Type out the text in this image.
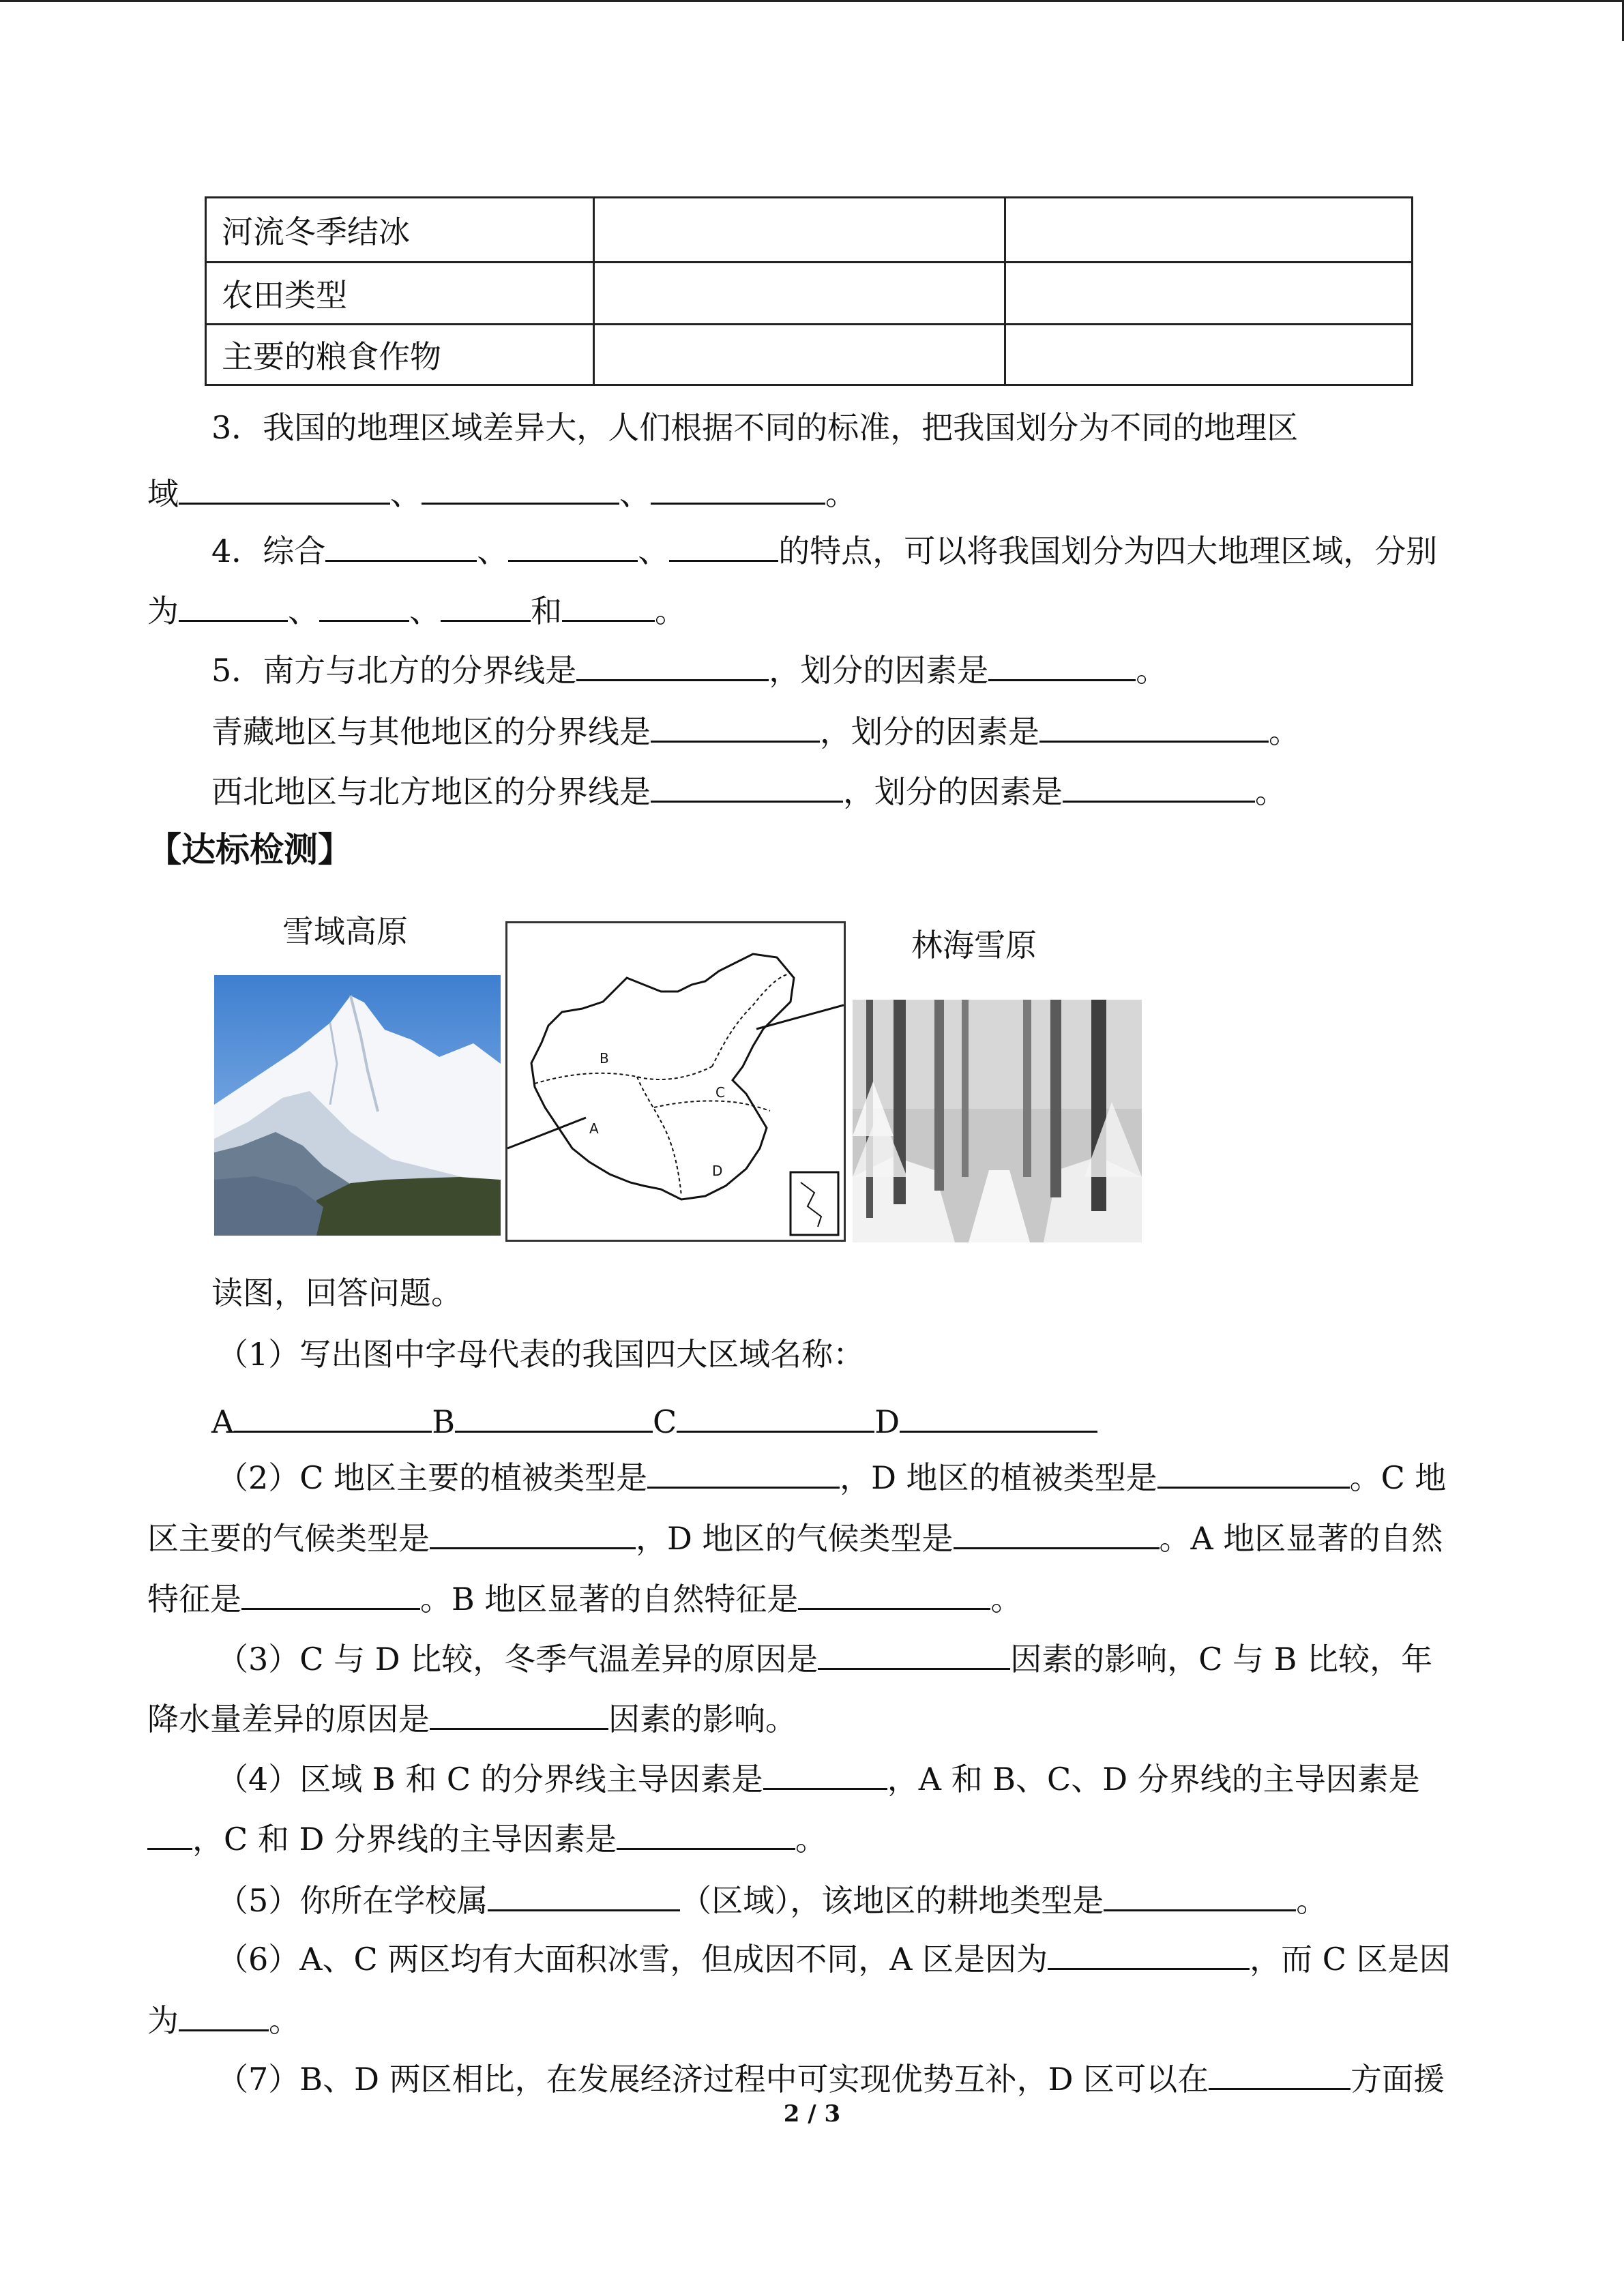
河流冬季结冰		
农田类型		
主要的粮食作物		
3．我国的地理区域差异大，人们根据不同的标准，把我国划分为不同的地理区
域	、	、	。
4．综合	、	、	的特点，可以将我国划分为四大地理区域，分别
为	、	、	和	。
5．南方与北方的分界线是	，划分的因素是	。
青藏地区与其他地区的分界线是	，划分的因素是	。
西北地区与北方地区的分界线是	，划分的因素是	。
【达标检测】
雪域高原	林海雪原
B
A
C
D
读图，回答问题。
（1）写出图中字母代表的我国四大区域名称：
A	B	C	D
（2）C 地区主要的植被类型是	，D 地区的植被类型是	。C 地
区主要的气候类型是	，D 地区的气候类型是	。A 地区显著的自然
特征是	。B 地区显著的自然特征是	。
（3）C 与 D 比较，冬季气温差异的原因是	因素的影响，C 与 B 比较，年
降水量差异的原因是	因素的影响。
（4）区域 B 和 C 的分界线主导因素是	，A 和 B、C、D 分界线的主导因素是
，C 和 D 分界线的主导因素是	。
（5）你所在学校属	（区域），该地区的耕地类型是	。
（6）A、C 两区均有大面积冰雪，但成因不同，A 区是因为	，而 C 区是因
为	。
（7）B、D 两区相比，在发展经济过程中可实现优势互补，D 区可以在	方面援
2 / 3
